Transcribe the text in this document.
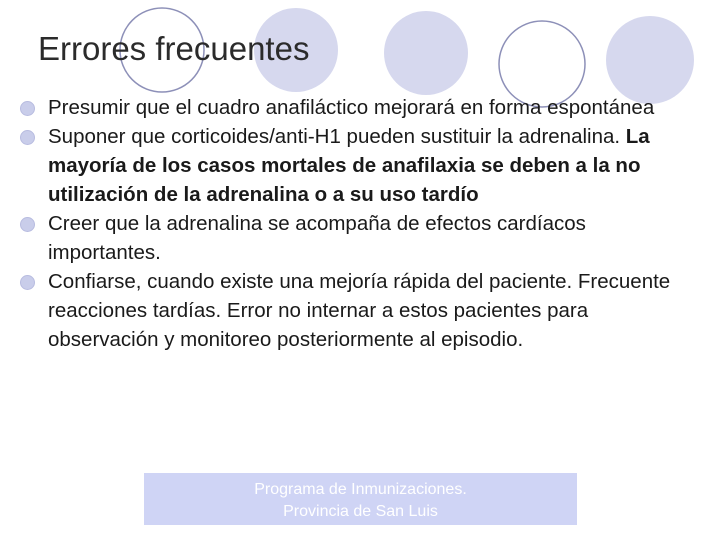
Errores frecuentes
Presumir que el cuadro anafiláctico mejorará en forma espontánea
Suponer que corticoides/anti‑H1 pueden sustituir la adrenalina. La mayoría de los casos mortales de anafilaxia se deben a la no utilización de la adrenalina o a su uso tardío
Creer que la adrenalina se acompaña de efectos cardíacos importantes.
Confiarse, cuando existe una mejoría rápida del paciente. Frecuente reacciones tardías. Error no internar a estos pacientes para observación y monitoreo posteriormente al episodio.
Programa de Inmunizaciones.
Provincia de San Luis
